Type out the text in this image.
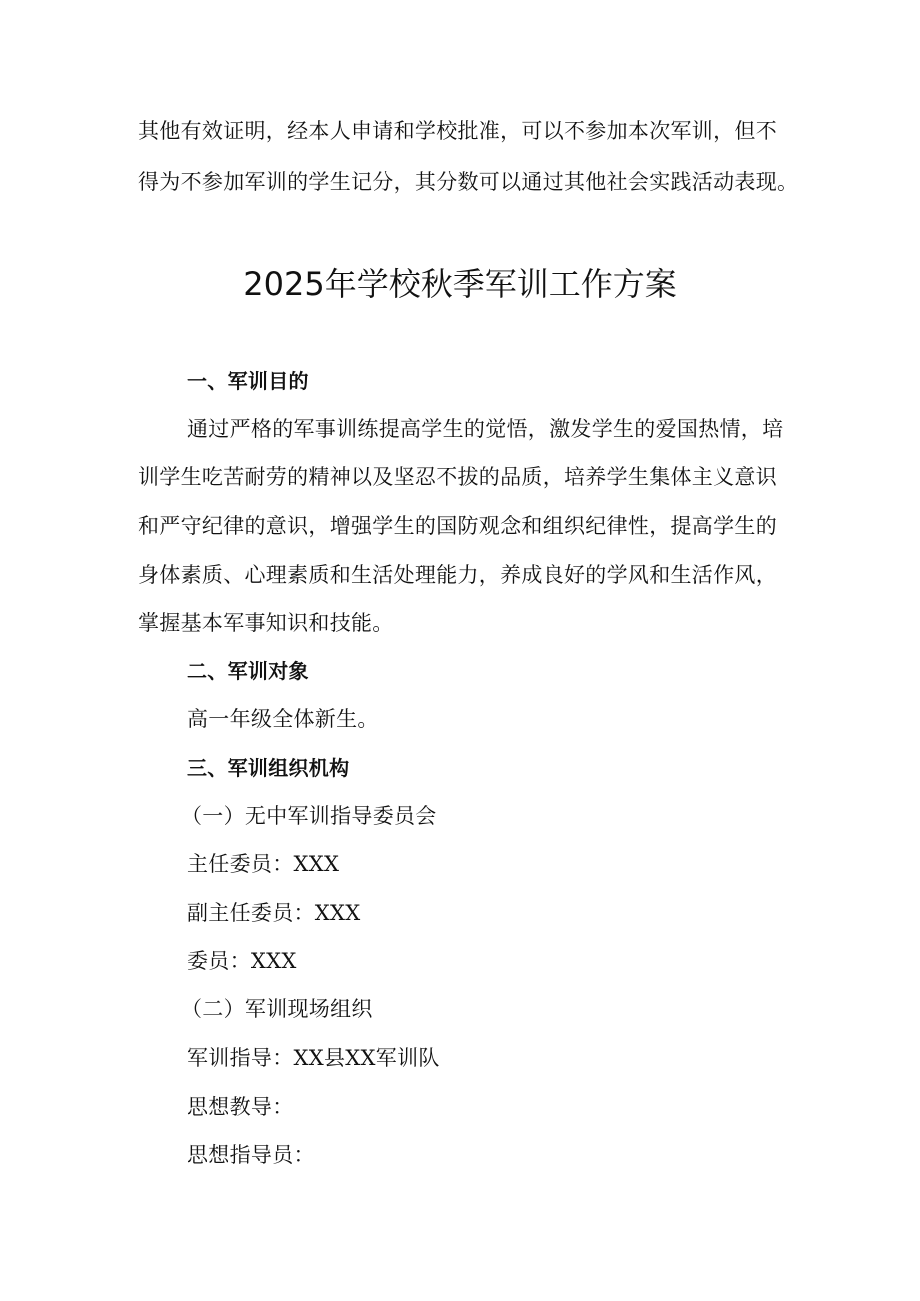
其他有效证明，经本人申请和学校批准，可以不参加本次军训，但不
得为不参加军训的学生记分，其分数可以通过其他社会实践活动表现。
2025年学校秋季军训工作方案
一、军训目的
通过严格的军事训练提高学生的觉悟，激发学生的爱国热情，培
训学生吃苦耐劳的精神以及坚忍不拔的品质，培养学生集体主义意识
和严守纪律的意识，增强学生的国防观念和组织纪律性，提高学生的
身体素质、心理素质和生活处理能力，养成良好的学风和生活作风，
掌握基本军事知识和技能。
二、军训对象
高一年级全体新生。
三、军训组织机构
（一）无中军训指导委员会
主任委员：XXX
副主任委员：XXX
委员：XXX
（二）军训现场组织
军训指导：XX县XX军训队
思想教导：
思想指导员：
